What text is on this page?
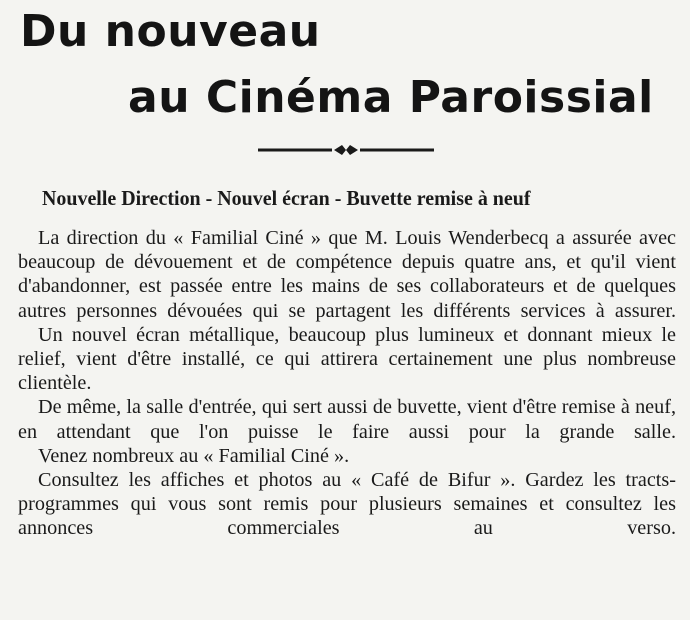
Du nouveau
au Cinéma Paroissial
Nouvelle Direction - Nouvel écran - Buvette remise à neuf

La direction du « Familial Ciné » que M. Louis Wenderbecq a assurée avec beaucoup de dévouement et de compétence depuis quatre ans, et qu'il vient d'abandonner, est passée entre les mains de ses collaborateurs et de quelques autres personnes dévouées qui se partagent les différents services à assurer.

Un nouvel écran métallique, beaucoup plus lumineux et donnant mieux le relief, vient d'être installé, ce qui attirera certainement une plus nombreuse clientèle.

De même, la salle d'entrée, qui sert aussi de buvette, vient d'être remise à neuf, en attendant que l'on puisse le faire aussi pour la grande salle.

Venez nombreux au « Familial Ciné ».

Consultez les affiches et photos au « Café de Bifur ». Gardez les tracts-programmes qui vous sont remis pour plusieurs semaines et consultez les annonces commerciales au verso.
